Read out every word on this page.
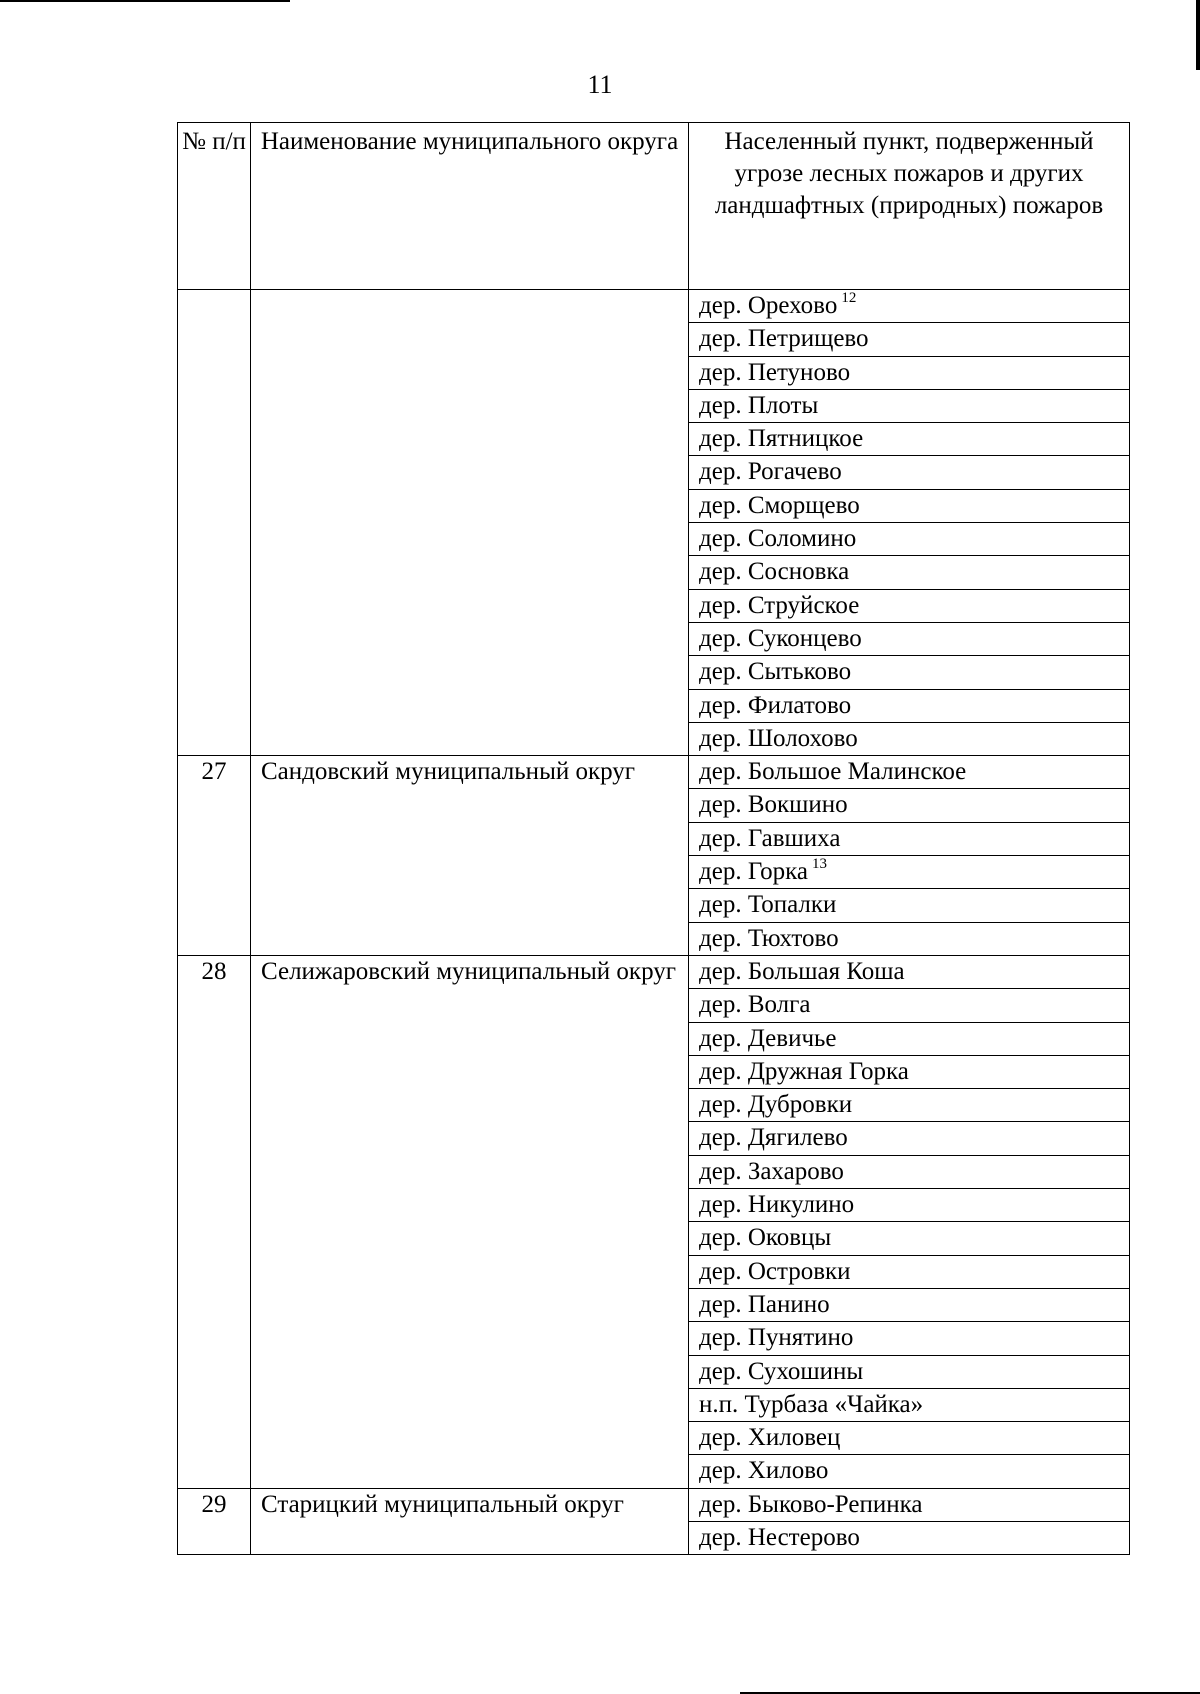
11
№ п/п	Наименование муниципального округа	Населенный пункт, подверженный угрозе лесных пожаров и других ландшафтных (природных) пожаров
		дер. Орехово $^{12}$
		дер. Петрищево
		дер. Петуново
		дер. Плоты
		дер. Пятницкое
		дер. Рогачево
		дер. Сморщево
		дер. Соломино
		дер. Сосновка
		дер. Струйское
		дер. Суконцево
		дер. Сытьково
		дер. Филатово
		дер. Шолохово
27	Сандовский муниципальный округ	дер. Большое Малинское
		дер. Вокшино
		дер. Гавшиха
		дер. Горка $^{13}$
		дер. Топалки
		дер. Тюхтово
28	Селижаровский муниципальный округ	дер. Большая Коша
		дер. Волга
		дер. Девичье
		дер. Дружная Горка
		дер. Дубровки
		дер. Дягилево
		дер. Захарово
		дер. Никулино
		дер. Оковцы
		дер. Островки
		дер. Панино
		дер. Пунятино
		дер. Сухошины
		н.п. Турбаза «Чайка»
		дер. Хиловец
		дер. Хилово
29	Старицкий муниципальный округ	дер. Быково-Репинка
		дер. Нестерово
